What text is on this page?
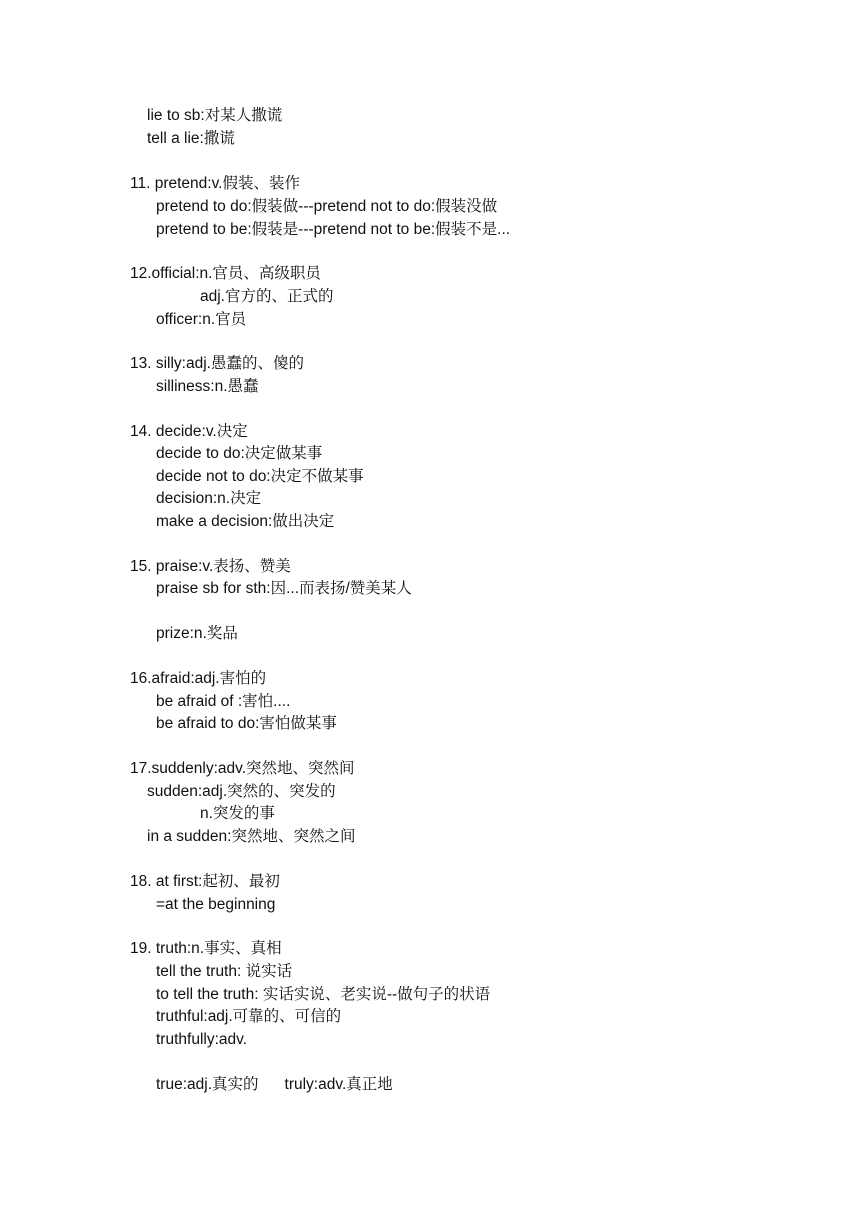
lie to sb:对某人撒谎
tell a lie:撒谎
11. pretend:v.假装、装作
pretend to do:假装做---pretend not to do:假装没做
pretend to be:假装是---pretend not to be:假装不是...
12.official:n.官员、高级职员
adj.官方的、正式的
officer:n.官员
13. silly:adj.愚蠢的、傻的
silliness:n.愚蠢
14. decide:v.决定
decide to do:决定做某事
decide not to do:决定不做某事
decision:n.决定
make a decision:做出决定
15. praise:v.表扬、赞美
praise sb for sth:因...而表扬/赞美某人
prize:n.奖品
16.afraid:adj.害怕的
be afraid of :害怕....
be afraid to do:害怕做某事
17.suddenly:adv.突然地、突然间
sudden:adj.突然的、突发的
n.突发的事
in a sudden:突然地、突然之间
18. at first:起初、最初
=at the beginning
19. truth:n.事实、真相
tell the truth: 说实话
to tell the truth: 实话实说、老实说--做句子的状语
truthful:adj.可靠的、可信的
truthfully:adv.
true:adj.真实的 truly:adv.真正地
